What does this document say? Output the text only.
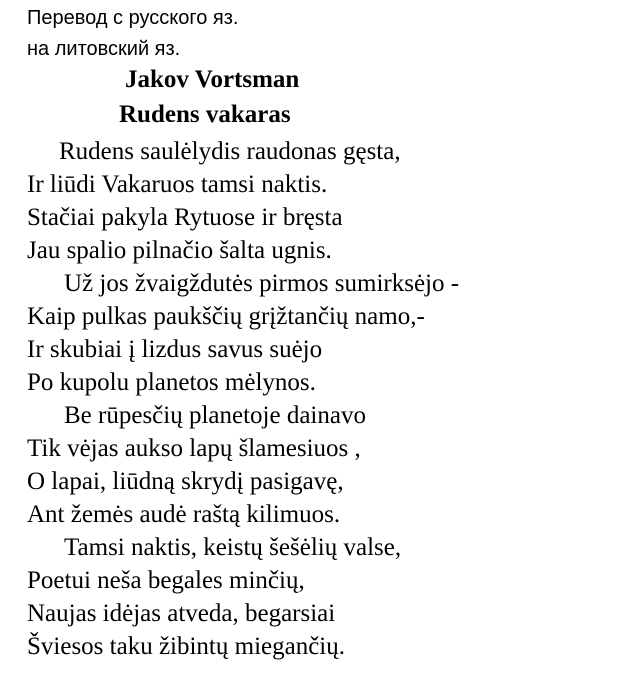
Перевод с русского яз.
на литовский яз.
Jakov Vortsman
Rudens vakaras
Rudens saulėlydis raudonas gęsta,
Ir liūdi Vakaruos tamsi naktis.
Stačiai pakyla Rytuose ir bręsta
Jau spalio pilnačio šalta ugnis.
Už jos žvaigždutės pirmos sumirksėjo -
Kaip pulkas paukščių grįžtančių namo,-
Ir skubiai į lizdus savus suėjo
Po kupolu planetos mėlynos.
Be rūpesčių planetoje dainavo
Tik vėjas aukso lapų šlamesiuos ,
O lapai, liūdną skrydį pasigavę,
Ant žemės audė raštą kilimuos.
Tamsi naktis, keistų šešėlių valse,
Poetui neša begales minčių,
Naujas idėjas atveda, begarsiai
Šviesos taku žibintų miegančių.
